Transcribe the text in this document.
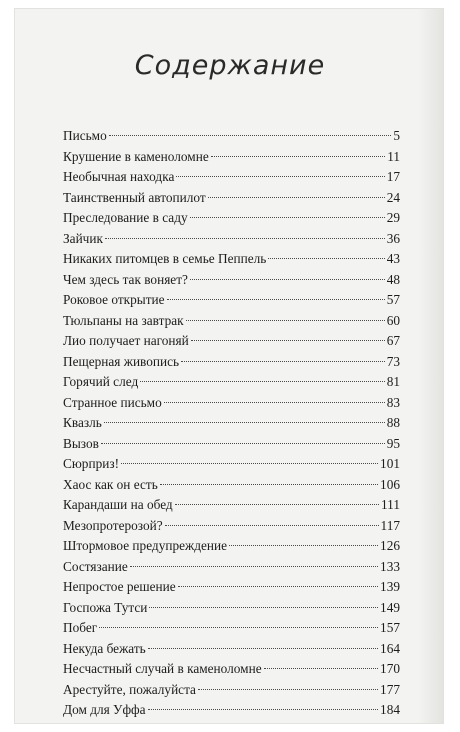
Содержание
Письмо	5
Крушение в каменоломне	11
Необычная находка	17
Таинственный автопилот	24
Преследование в саду	29
Зайчик	36
Никаких питомцев в семье Пеппель	43
Чем здесь так воняет?	48
Роковое открытие	57
Тюльпаны на завтрак	60
Лио получает нагоняй	67
Пещерная живопись	73
Горячий след	81
Странное письмо	83
Квазль	88
Вызов	95
Сюрприз!	101
Хаос как он есть	106
Карандаши на обед	111
Мезопротерозой?	117
Штормовое предупреждение	126
Состязание	133
Непростое решение	139
Госпожа Тутси	149
Побег	157
Некуда бежать	164
Несчастный случай в каменоломне	170
Арестуйте, пожалуйста	177
Дом для Уффа	184
